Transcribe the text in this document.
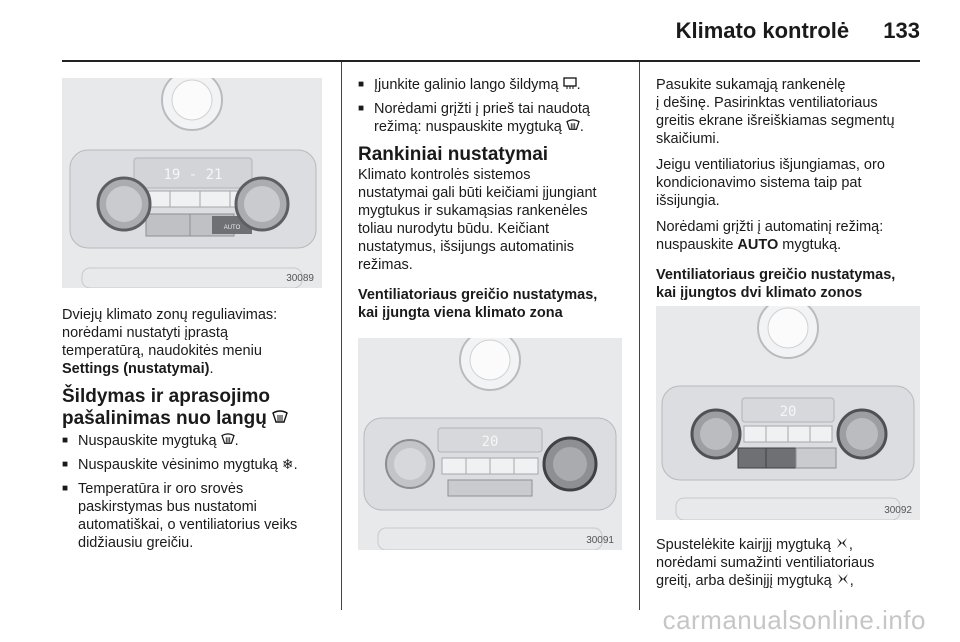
Klimato kontrolė 133
19 - 21
AUTO
30089

Dviejų klimato zonų reguliavimas:
norėdami nustatyti įprastą
temperatūrą, naudokitės meniu
Settings (nustatymai).

Šildymas ir aprasojimo
pašalinimas nuo langų
■ Nuspauskite mygtuką .
■ Nuspauskite vėsinimo mygtuką ❄.
■ Temperatūra ir oro srovės
paskirstymas bus nustatomi
automatiškai, o ventiliatorius veiks
didžiausiu greičiu.
■ Įjunkite galinio lango šildymą .
■ Norėdami grįžti į prieš tai naudotą
režimą: nuspauskite mygtuką .
Rankiniai nustatymai

Klimato kontrolės sistemos
nustatymai gali būti keičiami įjungiant
mygtukus ir sukamąsias rankenėles
toliau nurodytu būdu. Keičiant
nustatymus, išsijungs automatinis
režimas.

Ventiliatoriaus greičio nustatymas,
kai įjungta viena klimato zona
20
30091

Pasukite sukamąją rankenėlę
į dešinę. Pasirinktas ventiliatoriaus
greitis ekrane išreiškiamas segmentų
skaičiumi.

Jeigu ventiliatorius išjungiamas, oro
kondicionavimo sistema taip pat
išsijungia.

Norėdami grįžti į automatinį režimą:
nuspauskite AUTO mygtuką.

Ventiliatoriaus greičio nustatymas,
kai įjungtos dvi klimato zonos
20
30092

Spustelėkite kairįjį mygtuką ,
norėdami sumažinti ventiliatoriaus
greitį, arba dešinįjį mygtuką ,

carmanualsonline.info
